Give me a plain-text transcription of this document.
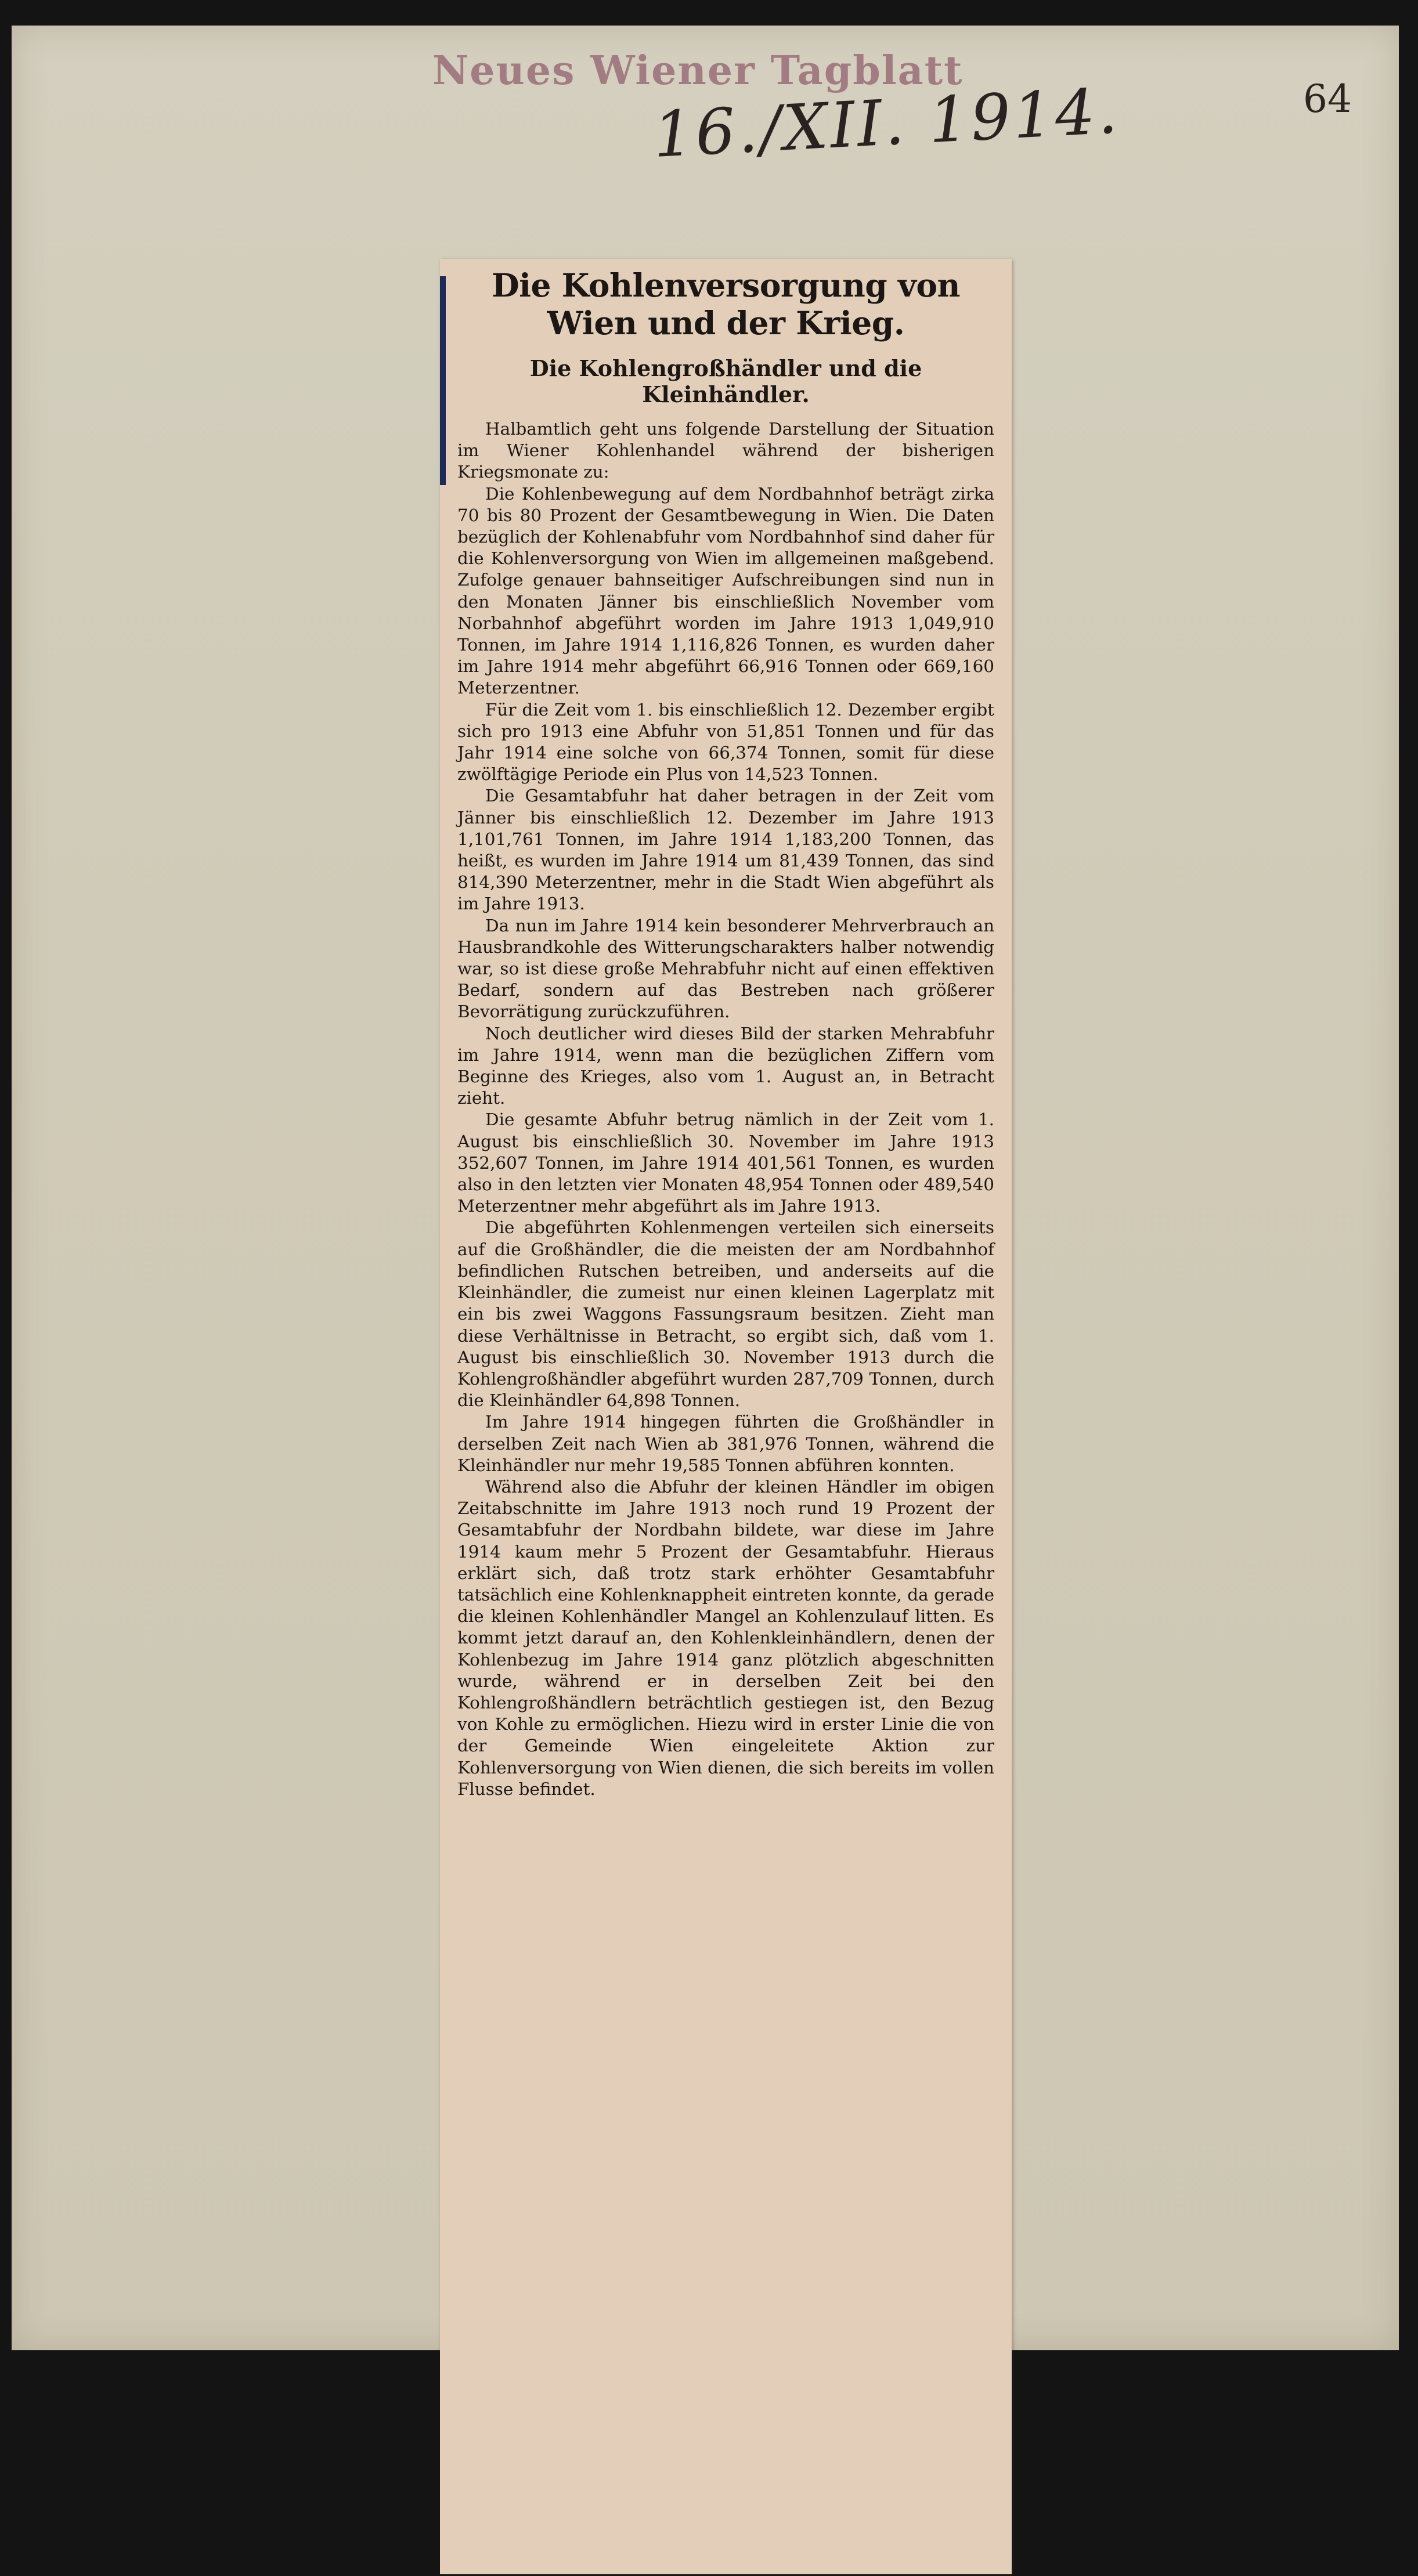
Neues Wiener Tagblatt
16./XII. 1914.	64
Die Kohlenversorgung von Wien und der Krieg.
Die Kohlengroßhändler und die Kleinhändler.

Halbamtlich geht uns folgende Darstellung der Situation im Wiener Kohlenhandel während der bisherigen Kriegsmonate zu:

Die Kohlenbewegung auf dem Nordbahnhof beträgt zirka 70 bis 80 Prozent der Gesamtbewegung in Wien. Die Daten bezüglich der Kohlenabfuhr vom Nordbahnhof sind daher für die Kohlenversorgung von Wien im allgemeinen maßgebend. Zufolge genauer bahnseitiger Aufschreibungen sind nun in den Monaten Jänner bis einschließlich November vom Norbahnhof abgeführt worden im Jahre 1913 1,049,910 Tonnen, im Jahre 1914 1,116,826 Tonnen, es wurden daher im Jahre 1914 mehr abgeführt 66,916 Tonnen oder 669,160 Meterzentner.

Für die Zeit vom 1. bis einschließlich 12. Dezember ergibt sich pro 1913 eine Abfuhr von 51,851 Tonnen und für das Jahr 1914 eine solche von 66,374 Tonnen, somit für diese zwölftägige Periode ein Plus von 14,523 Tonnen.

Die Gesamtabfuhr hat daher betragen in der Zeit vom Jänner bis einschließlich 12. Dezember im Jahre 1913 1,101,761 Tonnen, im Jahre 1914 1,183,200 Tonnen, das heißt, es wurden im Jahre 1914 um 81,439 Tonnen, das sind 814,390 Meterzentner, mehr in die Stadt Wien abgeführt als im Jahre 1913.

Da nun im Jahre 1914 kein besonderer Mehrverbrauch an Hausbrandkohle des Witterungscharakters halber notwendig war, so ist diese große Mehrabfuhr nicht auf einen effektiven Bedarf, sondern auf das Bestreben nach größerer Bevorrätigung zurückzuführen.

Noch deutlicher wird dieses Bild der starken Mehrabfuhr im Jahre 1914, wenn man die bezüglichen Ziffern vom Beginne des Krieges, also vom 1. August an, in Betracht zieht.

Die gesamte Abfuhr betrug nämlich in der Zeit vom 1. August bis einschließlich 30. November im Jahre 1913 352,607 Tonnen, im Jahre 1914 401,561 Tonnen, es wurden also in den letzten vier Monaten 48,954 Tonnen oder 489,540 Meterzentner mehr abgeführt als im Jahre 1913.

Die abgeführten Kohlenmengen verteilen sich einerseits auf die Großhändler, die die meisten der am Nordbahnhof befindlichen Rutschen betreiben, und anderseits auf die Kleinhändler, die zumeist nur einen kleinen Lagerplatz mit ein bis zwei Waggons Fassungsraum besitzen. Zieht man diese Verhältnisse in Betracht, so ergibt sich, daß vom 1. August bis einschließlich 30. November 1913 durch die Kohlengroßhändler abgeführt wurden 287,709 Tonnen, durch die Kleinhändler 64,898 Tonnen.

Im Jahre 1914 hingegen führten die Großhändler in derselben Zeit nach Wien ab 381,976 Tonnen, während die Kleinhändler nur mehr 19,585 Tonnen abführen konnten.

Während also die Abfuhr der kleinen Händler im obigen Zeitabschnitte im Jahre 1913 noch rund 19 Prozent der Gesamtabfuhr der Nordbahn bildete, war diese im Jahre 1914 kaum mehr 5 Prozent der Gesamtabfuhr. Hieraus erklärt sich, daß trotz stark erhöhter Gesamtabfuhr tatsächlich eine Kohlenknappheit eintreten konnte, da gerade die kleinen Kohlenhändler Mangel an Kohlenzulauf litten. Es kommt jetzt darauf an, den Kohlenkleinhändlern, denen der Kohlenbezug im Jahre 1914 ganz plötzlich abgeschnitten wurde, während er in derselben Zeit bei den Kohlengroßhändlern beträchtlich gestiegen ist, den Bezug von Kohle zu ermöglichen. Hiezu wird in erster Linie die von der Gemeinde Wien eingeleitete Aktion zur Kohlenversorgung von Wien dienen, die sich bereits im vollen Flusse befindet.
